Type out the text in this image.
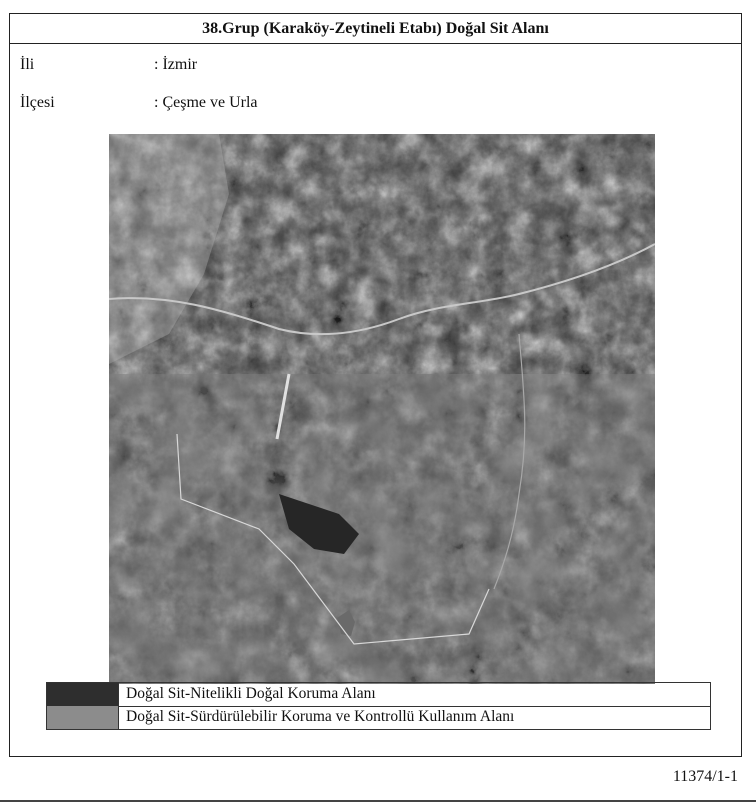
38.Grup (Karaköy-Zeytineli Etabı) Doğal Sit Alanı
İli	: İzmir
İlçesi	: Çeşme ve Urla
Doğal Sit-Nitelikli Doğal Koruma Alanı
Doğal Sit-Sürdürülebilir Koruma ve Kontrollü Kullanım Alanı
11374/1-1
